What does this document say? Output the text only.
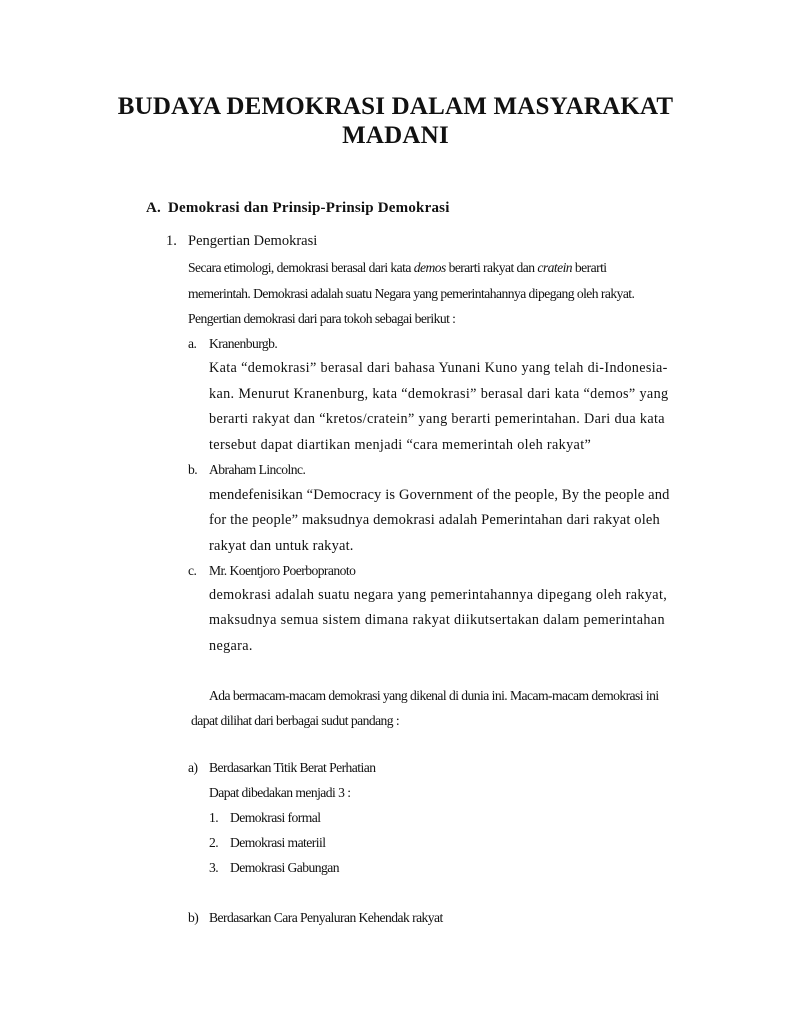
BUDAYA DEMOKRASI DALAM MASYARAKAT
MADANI
A. Demokrasi dan Prinsip-Prinsip Demokrasi
1. Pengertian Demokrasi
Secara etimologi, demokrasi berasal dari kata demos berarti rakyat dan cratein berarti
memerintah. Demokrasi adalah suatu Negara yang pemerintahannya dipegang oleh rakyat.
Pengertian demokrasi dari para tokoh sebagai berikut :
a. Kranenburgb.
Kata “demokrasi” berasal dari bahasa Yunani Kuno yang telah di-Indonesia-
kan. Menurut Kranenburg, kata “demokrasi” berasal dari kata “demos” yang
berarti rakyat dan “kretos/cratein” yang berarti pemerintahan. Dari dua kata
tersebut dapat diartikan menjadi “cara memerintah oleh rakyat”
b. Abraham Lincolnc.
mendefenisikan “Democracy is Government of the people, By the people and
for the people” maksudnya demokrasi adalah Pemerintahan dari rakyat oleh
rakyat dan untuk rakyat.
c. Mr. Koentjoro Poerbopranoto
demokrasi adalah suatu negara yang pemerintahannya dipegang oleh rakyat,
maksudnya semua sistem dimana rakyat diikutsertakan dalam pemerintahan
negara.
Ada bermacam-macam demokrasi yang dikenal di dunia ini. Macam-macam demokrasi ini
dapat dilihat dari berbagai sudut pandang :
a) Berdasarkan Titik Berat Perhatian
Dapat dibedakan menjadi 3 :
1. Demokrasi formal
2. Demokrasi materiil
3. Demokrasi Gabungan
b) Berdasarkan Cara Penyaluran Kehendak rakyat
